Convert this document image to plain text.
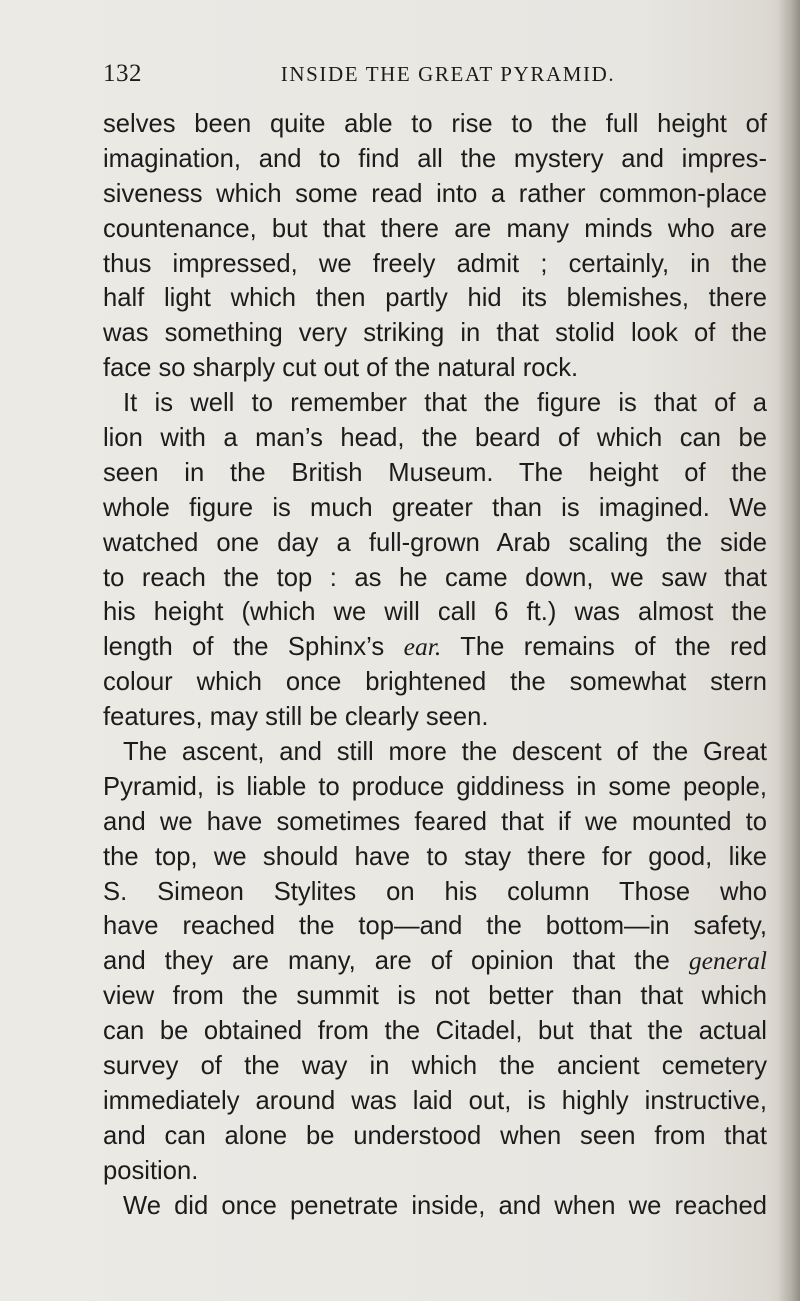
132	INSIDE THE GREAT PYRAMID.
selves been quite able to rise to the full height of
imagination, and to find all the mystery and impres-
siveness which some read into a rather common-place
countenance, but that there are many minds who are
thus impressed, we freely admit ; certainly, in the
half light which then partly hid its blemishes, there
was something very striking in that stolid look of the
face so sharply cut out of the natural rock.
It is well to remember that the figure is that of a
lion with a man’s head, the beard of which can be
seen in the British Museum. The height of the
whole figure is much greater than is imagined. We
watched one day a full-grown Arab scaling the side
to reach the top : as he came down, we saw that
his height (which we will call 6 ft.) was almost the
length of the Sphinx’s ear. The remains of the red
colour which once brightened the somewhat stern
features, may still be clearly seen.
The ascent, and still more the descent of the Great
Pyramid, is liable to produce giddiness in some people,
and we have sometimes feared that if we mounted to
the top, we should have to stay there for good, like
S. Simeon Stylites on his column Those who
have reached the top—and the bottom—in safety,
and they are many, are of opinion that the general
view from the summit is not better than that which
can be obtained from the Citadel, but that the actual
survey of the way in which the ancient cemetery
immediately around was laid out, is highly instructive,
and can alone be understood when seen from that
position.
We did once penetrate inside, and when we reached
